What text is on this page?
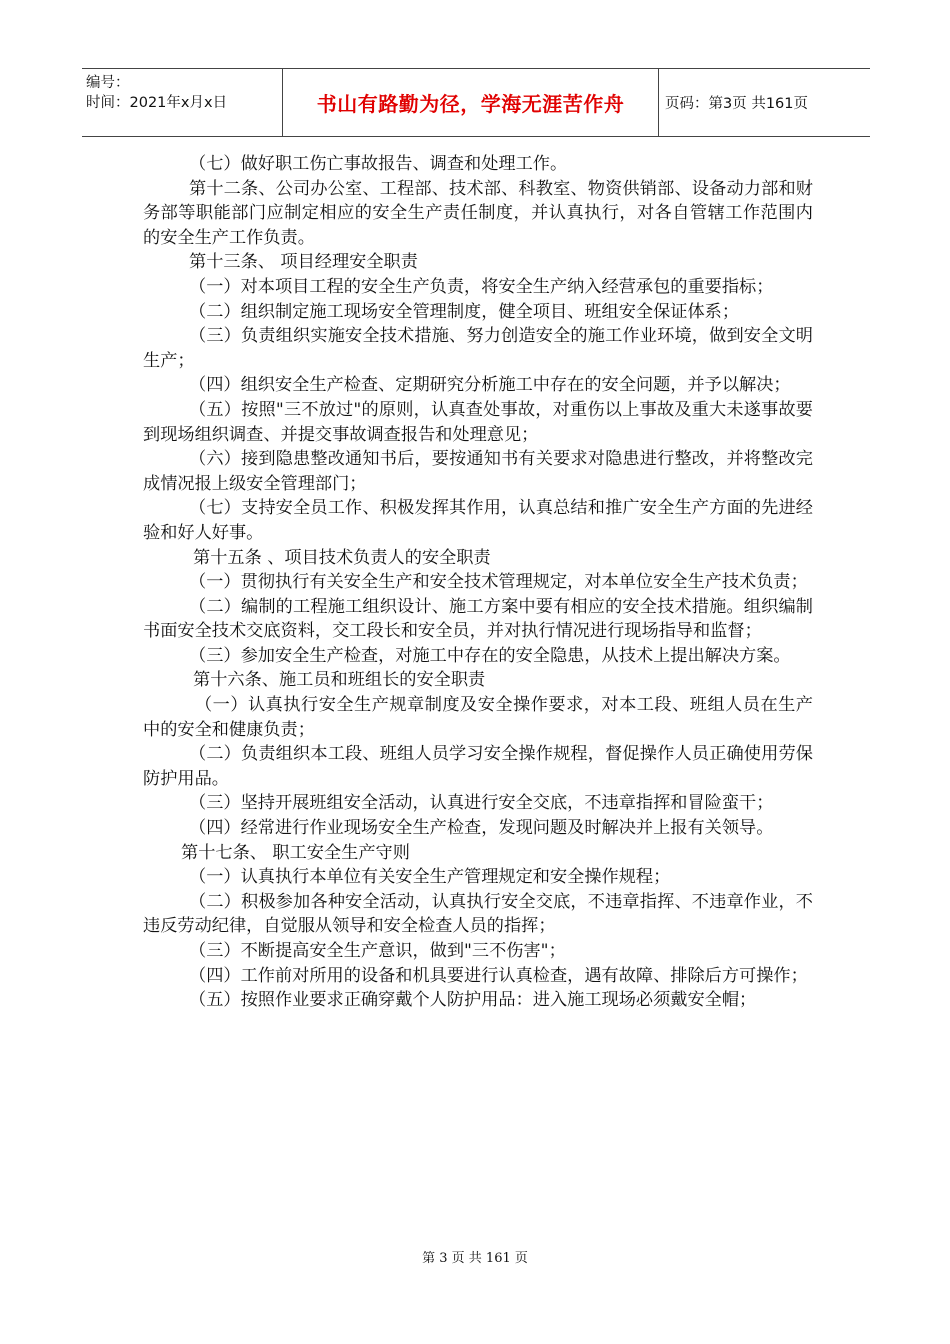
编号：
时间：2021年x月x日	书山有路勤为径，学海无涯苦作舟	页码：第3页 共161页

（七）做好职工伤亡事故报告、调查和处理工作。

第十二条、公司办公室、工程部、技术部、科教室、物资供销部、设备动力部和财务部等职能部门应制定相应的安全生产责任制度，并认真执行，对各自管辖工作范围内的安全生产工作负责。

第十三条、 项目经理安全职责

（一）对本项目工程的安全生产负责，将安全生产纳入经营承包的重要指标；

（二）组织制定施工现场安全管理制度，健全项目、班组安全保证体系；

（三）负责组织实施安全技术措施、努力创造安全的施工作业环境，做到安全文明生产；

（四）组织安全生产检查、定期研究分析施工中存在的安全问题，并予以解决；

（五）按照"三不放过"的原则，认真查处事故，对重伤以上事故及重大未遂事故要到现场组织调查、并提交事故调查报告和处理意见；

（六）接到隐患整改通知书后，要按通知书有关要求对隐患进行整改，并将整改完成情况报上级安全管理部门；

（七）支持安全员工作、积极发挥其作用，认真总结和推广安全生产方面的先进经验和好人好事。

第十五条 、项目技术负责人的安全职责

（一）贯彻执行有关安全生产和安全技术管理规定，对本单位安全生产技术负责；

（二）编制的工程施工组织设计、施工方案中要有相应的安全技术措施。组织编制书面安全技术交底资料，交工段长和安全员，并对执行情况进行现场指导和监督；

（三）参加安全生产检查，对施工中存在的安全隐患，从技术上提出解决方案。

第十六条、施工员和班组长的安全职责

（一）认真执行安全生产规章制度及安全操作要求，对本工段、班组人员在生产中的安全和健康负责；

（二）负责组织本工段、班组人员学习安全操作规程，督促操作人员正确使用劳保防护用品。

（三）坚持开展班组安全活动，认真进行安全交底，不违章指挥和冒险蛮干；

（四）经常进行作业现场安全生产检查，发现问题及时解决并上报有关领导。

第十七条、 职工安全生产守则

（一）认真执行本单位有关安全生产管理规定和安全操作规程；

（二）积极参加各种安全活动，认真执行安全交底，不违章指挥、不违章作业，不违反劳动纪律，自觉服从领导和安全检查人员的指挥；

（三）不断提高安全生产意识，做到"三不伤害"；

（四）工作前对所用的设备和机具要进行认真检查，遇有故障、排除后方可操作；

（五）按照作业要求正确穿戴个人防护用品：进入施工现场必须戴安全帽；

第 3 页 共 161 页
